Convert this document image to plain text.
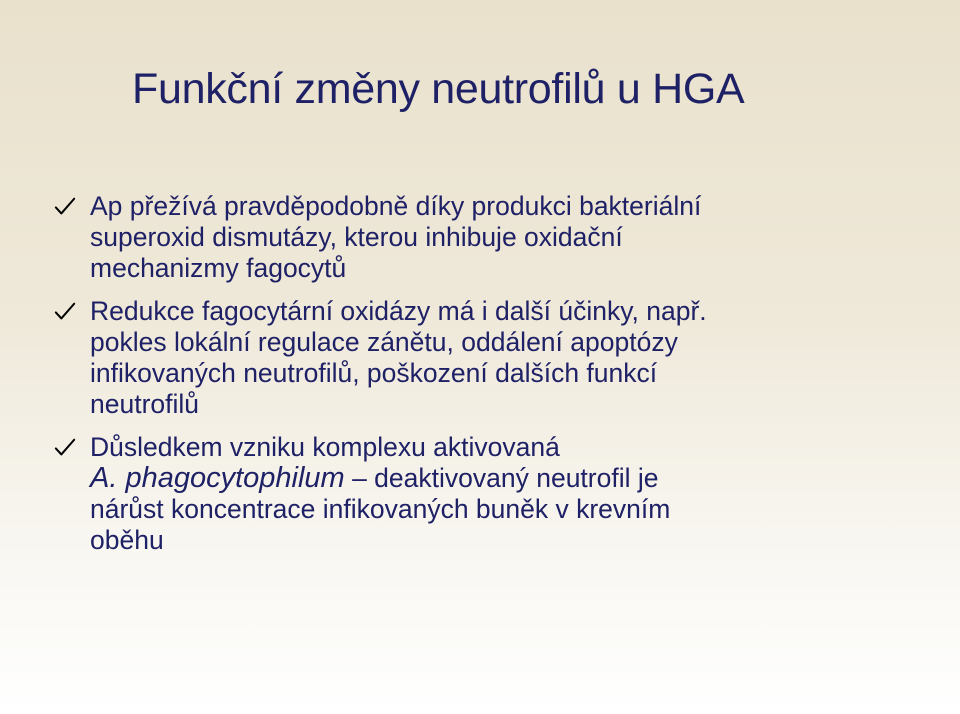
Funkční změny neutrofilů u HGA
Ap přežívá pravděpodobně díky produkci bakteriální
superoxid dismutázy, kterou inhibuje oxidační
mechanizmy fagocytů
Redukce fagocytární oxidázy má i další účinky, např.
pokles lokální regulace zánětu, oddálení apoptózy
infikovaných neutrofilů, poškození dalších funkcí
neutrofilů
Důsledkem vzniku komplexu aktivovaná
A. phagocytophilum – deaktivovaný neutrofil je
nárůst koncentrace infikovaných buněk v krevním
oběhu
